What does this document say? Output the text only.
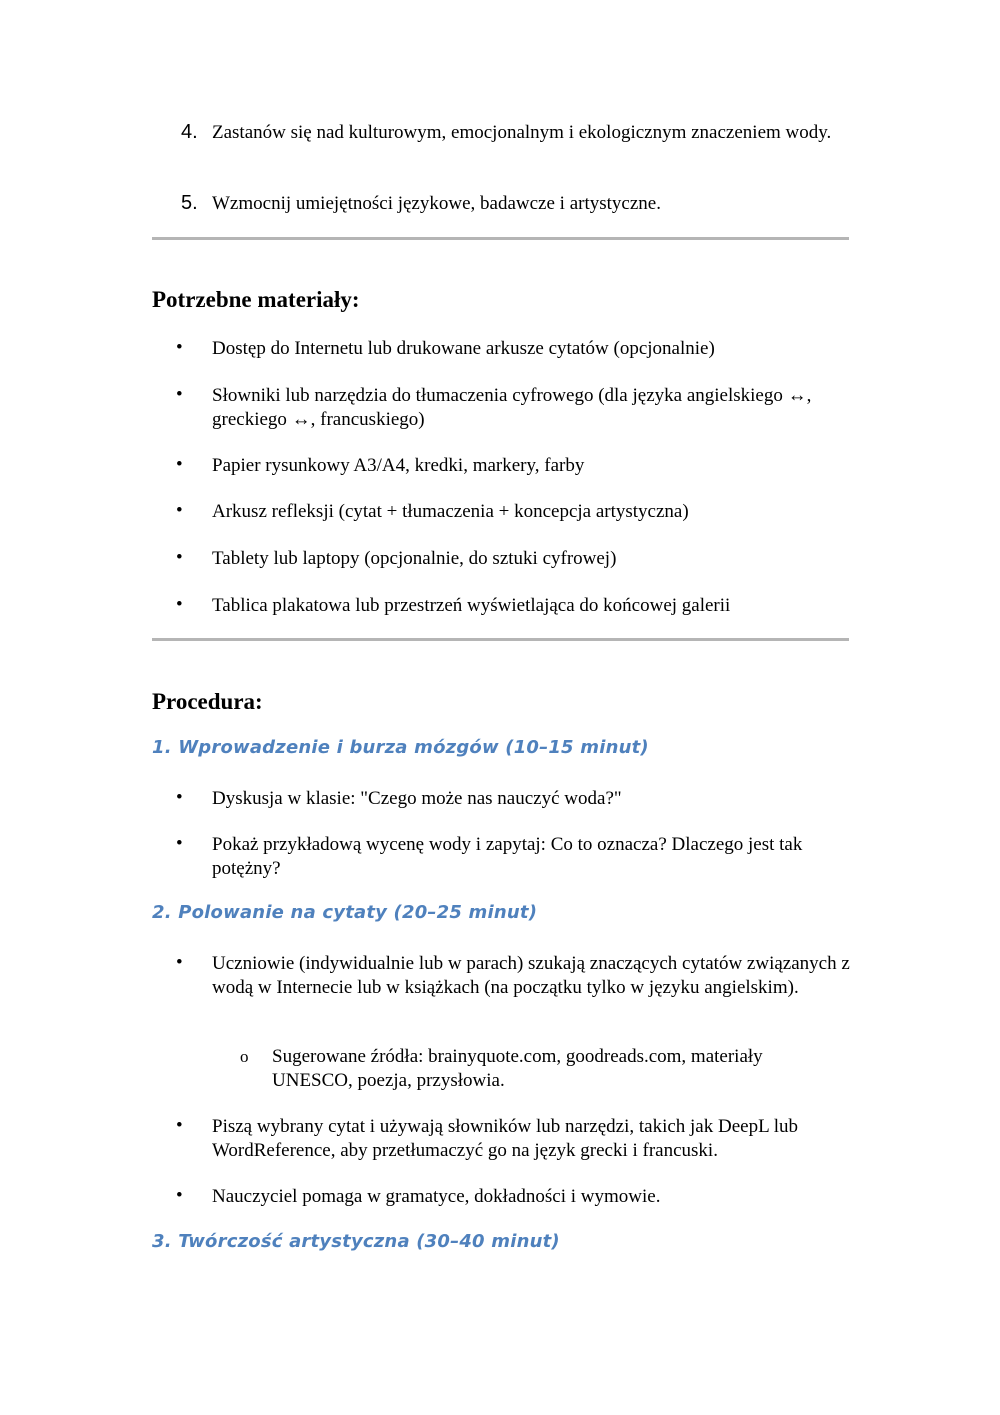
4. Zastanów się nad kulturowym, emocjonalnym i ekologicznym znaczeniem wody.
5. Wzmocnij umiejętności językowe, badawcze i artystyczne.
Potrzebne materiały:
• Dostęp do Internetu lub drukowane arkusze cytatów (opcjonalnie)
• Słowniki lub narzędzia do tłumaczenia cyfrowego (dla języka angielskiego ↔, greckiego ↔, francuskiego)
• Papier rysunkowy A3/A4, kredki, markery, farby
• Arkusz refleksji (cytat + tłumaczenia + koncepcja artystyczna)
• Tablety lub laptopy (opcjonalnie, do sztuki cyfrowej)
• Tablica plakatowa lub przestrzeń wyświetlająca do końcowej galerii
Procedura:
1. Wprowadzenie i burza mózgów (10–15 minut)
• Dyskusja w klasie: "Czego może nas nauczyć woda?"
• Pokaż przykładową wycenę wody i zapytaj: Co to oznacza? Dlaczego jest tak potężny?
2. Polowanie na cytaty (20–25 minut)
• Uczniowie (indywidualnie lub w parach) szukają znaczących cytatów związanych z wodą w Internecie lub w książkach (na początku tylko w języku angielskim).
o Sugerowane źródła: brainyquote.com, goodreads.com, materiały UNESCO, poezja, przysłowia.
• Piszą wybrany cytat i używają słowników lub narzędzi, takich jak DeepL lub WordReference, aby przetłumaczyć go na język grecki i francuski.
• Nauczyciel pomaga w gramatyce, dokładności i wymowie.
3. Twórczość artystyczna (30–40 minut)
